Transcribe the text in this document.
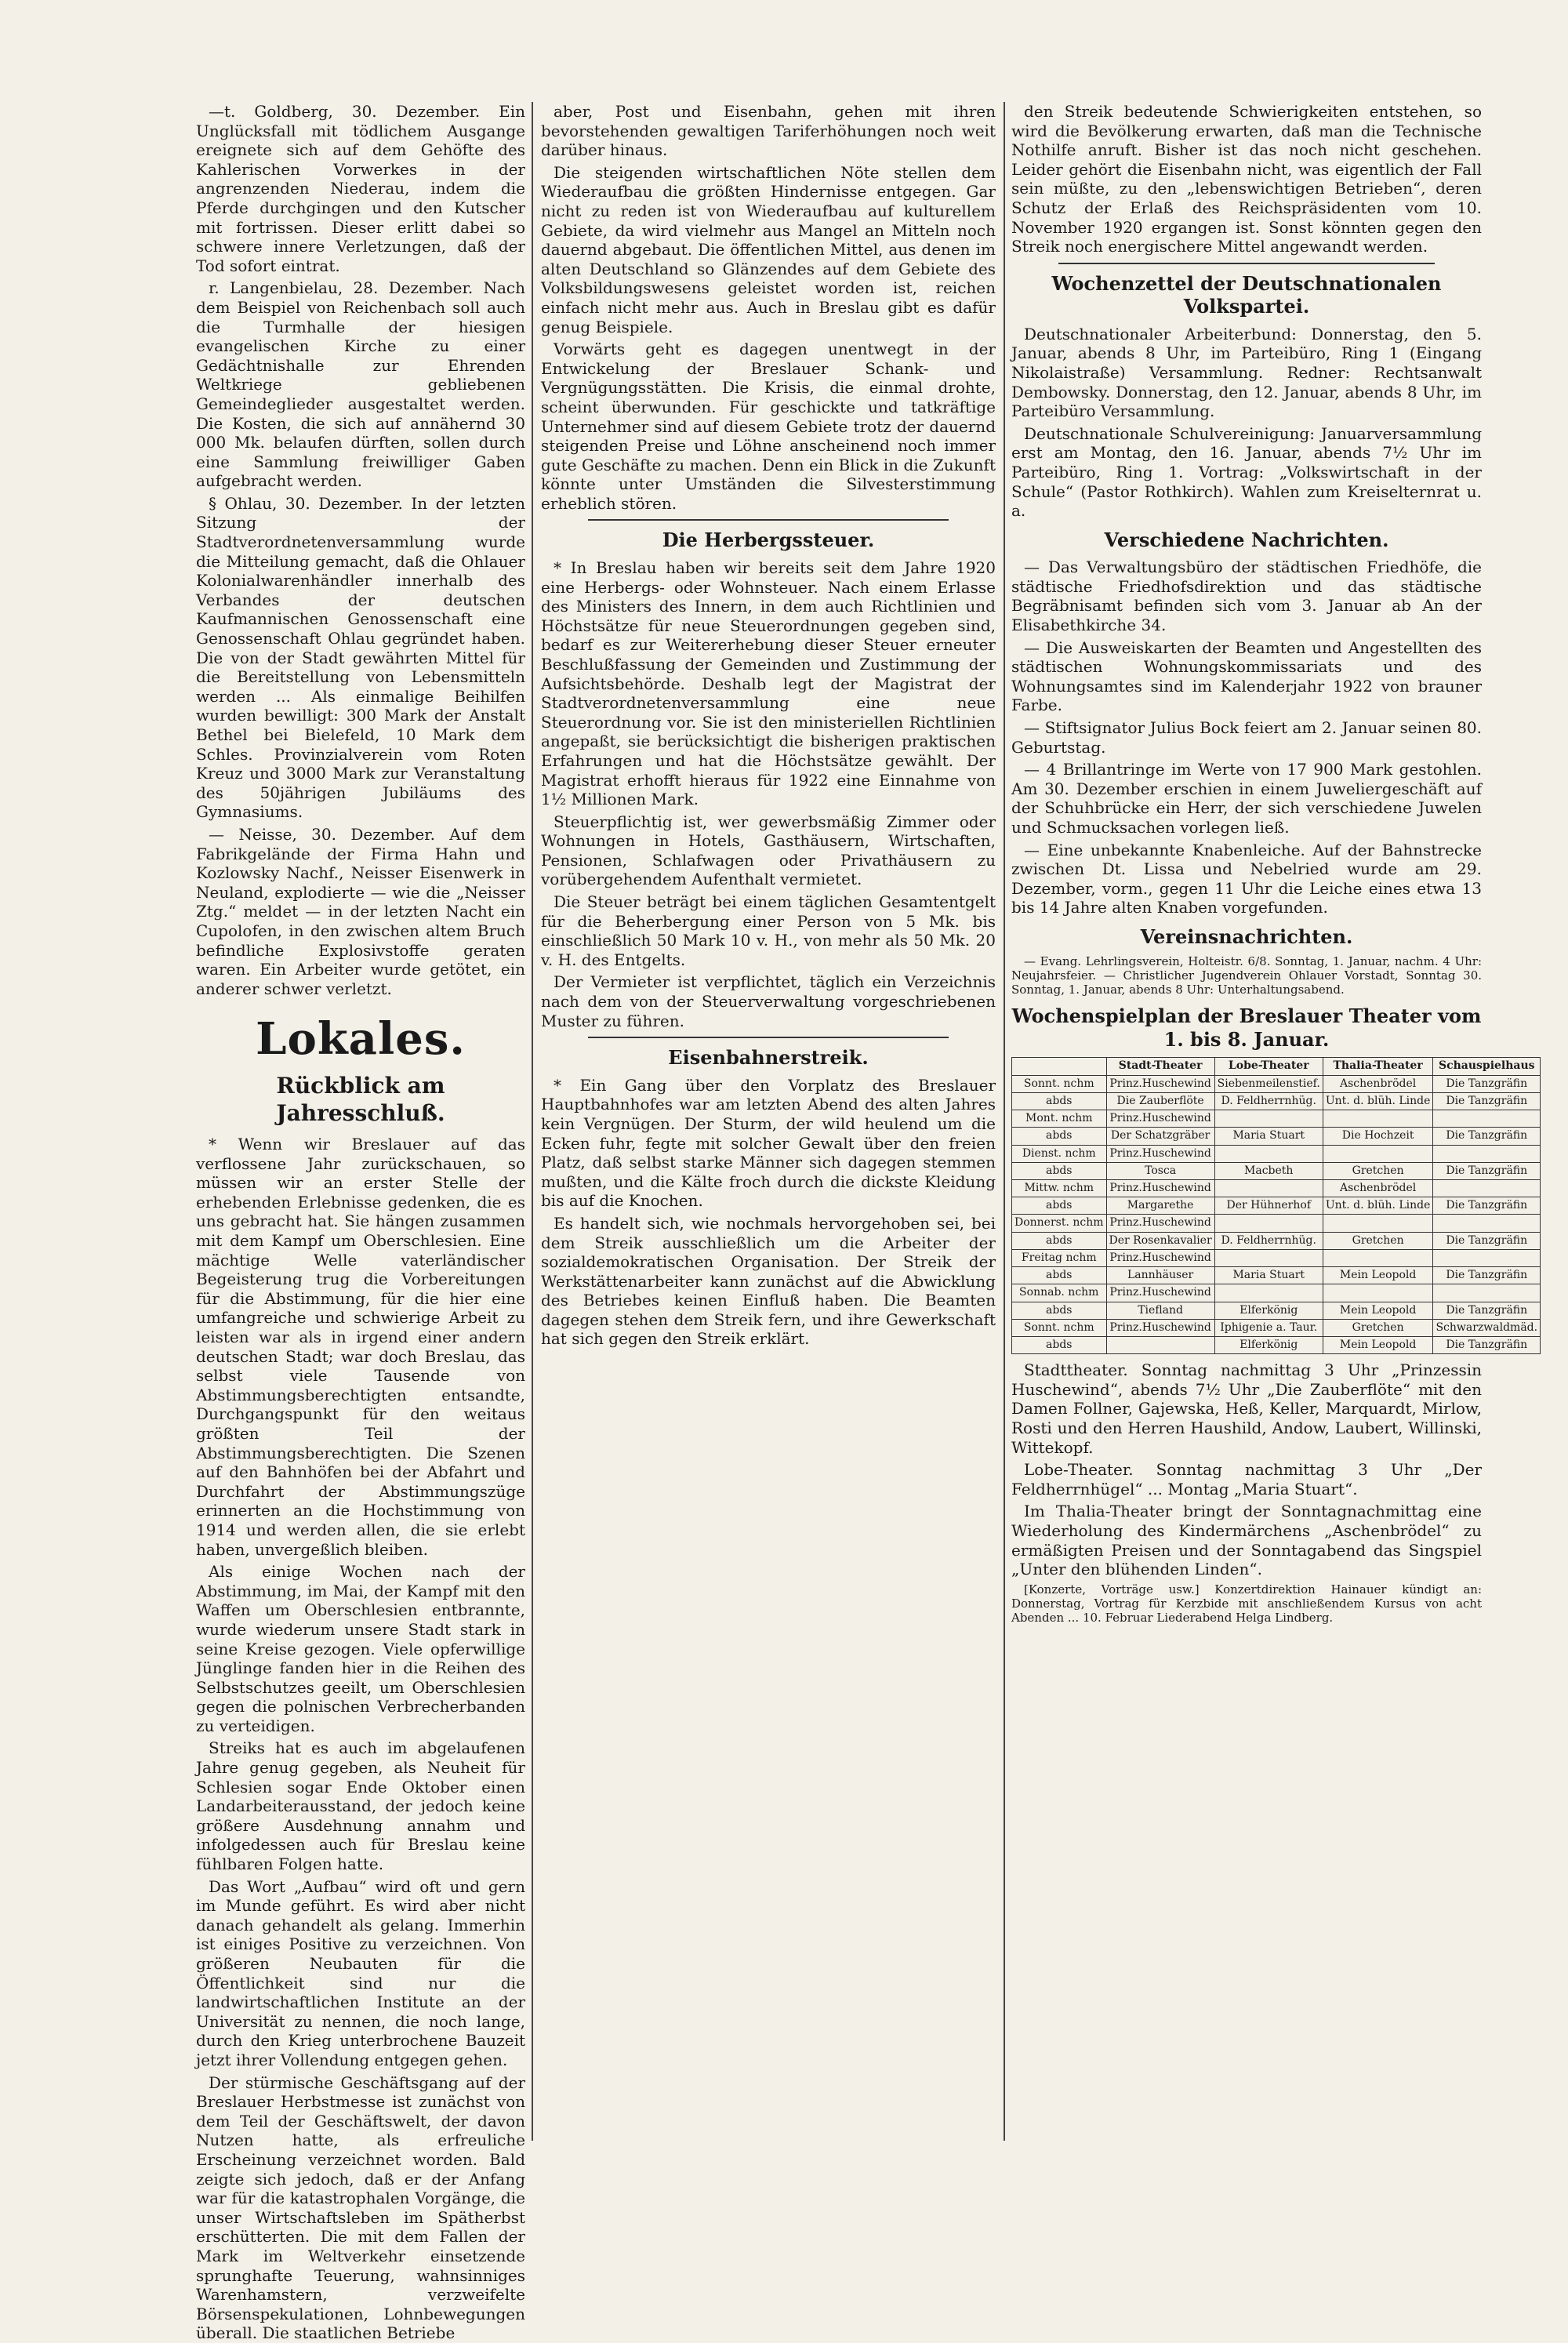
—t. Goldberg, 30. Dezember. Ein Unglücksfall mit tödlichem Ausgange ereignete sich auf dem Gehöfte des Kahlerischen Vorwerkes in der angrenzenden Niederau, indem die Pferde durchgingen und den Kutscher mit fortrissen. Dieser erlitt dabei so schwere innere Verletzungen, daß der Tod sofort eintrat.

r. Langenbielau, 28. Dezember. Nach dem Beispiel von Reichenbach soll auch die Turmhalle der hiesigen evangelischen Kirche zu einer Gedächtnishalle zur Ehrenden Weltkriege gebliebenen Gemeindeglieder ausgestaltet werden. Die Kosten, die sich auf annähernd 30 000 Mk. belaufen dürften, sollen durch eine Sammlung freiwilliger Gaben aufgebracht werden.

§ Ohlau, 30. Dezember. In der letzten Sitzung der Stadtverordnetenversammlung wurde die Mitteilung gemacht, daß die Ohlauer Kolonialwarenhändler innerhalb des Verbandes der deutschen Kaufmannischen Genossenschaft eine Genossenschaft Ohlau gegründet haben. Die von der Stadt gewährten Mittel für die Bereitstellung von Lebensmitteln werden ... Als einmalige Beihilfen wurden bewilligt: 300 Mark der Anstalt Bethel bei Bielefeld, 10 Mark dem Schles. Provinzialverein vom Roten Kreuz und 3000 Mark zur Veranstaltung des 50jährigen Jubiläums des Gymnasiums.

— Neisse, 30. Dezember. Auf dem Fabrikgelände der Firma Hahn und Kozlowsky Nachf., Neisser Eisenwerk in Neuland, explodierte — wie die „Neisser Ztg.“ meldet — in der letzten Nacht ein Cupolofen, in den zwischen altem Bruch befindliche Explosivstoffe geraten waren. Ein Arbeiter wurde getötet, ein anderer schwer verletzt.

Lokales.
Rückblick am Jahresschluß.

* Wenn wir Breslauer auf das verflossene Jahr zurückschauen, so müssen wir an erster Stelle der erhebenden Erlebnisse gedenken, die es uns gebracht hat. Sie hängen zusammen mit dem Kampf um Oberschlesien. Eine mächtige Welle vaterländischer Begeisterung trug die Vorbereitungen für die Abstimmung, für die hier eine umfangreiche und schwierige Arbeit zu leisten war als in irgend einer andern deutschen Stadt; war doch Breslau, das selbst viele Tausende von Abstimmungsberechtigten entsandte, Durchgangspunkt für den weitaus größten Teil der Abstimmungsberechtigten. Die Szenen auf den Bahnhöfen bei der Abfahrt und Durchfahrt der Abstimmungszüge erinnerten an die Hochstimmung von 1914 und werden allen, die sie erlebt haben, unvergeßlich bleiben.

Als einige Wochen nach der Abstimmung, im Mai, der Kampf mit den Waffen um Oberschlesien entbrannte, wurde wiederum unsere Stadt stark in seine Kreise gezogen. Viele opferwillige Jünglinge fanden hier in die Reihen des Selbstschutzes geeilt, um Oberschlesien gegen die polnischen Verbrecherbanden zu verteidigen.

Streiks hat es auch im abgelaufenen Jahre genug gegeben, als Neuheit für Schlesien sogar Ende Oktober einen Landarbeiterausstand, der jedoch keine größere Ausdehnung annahm und infolgedessen auch für Breslau keine fühlbaren Folgen hatte.

Das Wort „Aufbau“ wird oft und gern im Munde geführt. Es wird aber nicht danach gehandelt als gelang. Immerhin ist einiges Positive zu verzeichnen. Von größeren Neubauten für die Öffentlichkeit sind nur die landwirtschaftlichen Institute an der Universität zu nennen, die noch lange, durch den Krieg unterbrochene Bauzeit jetzt ihrer Vollendung entgegen gehen.

Der stürmische Geschäftsgang auf der Breslauer Herbstmesse ist zunächst von dem Teil der Geschäftswelt, der davon Nutzen hatte, als erfreuliche Erscheinung verzeichnet worden. Bald zeigte sich jedoch, daß er der Anfang war für die katastrophalen Vorgänge, die unser Wirtschaftsleben im Spätherbst erschütterten. Die mit dem Fallen der Mark im Weltverkehr einsetzende sprunghafte Teuerung, wahnsinniges Warenhamstern, verzweifelte Börsenspekulationen, Lohnbewegungen überall. Die staatlichen Betriebe

aber, Post und Eisenbahn, gehen mit ihren bevorstehenden gewaltigen Tariferhöhungen noch weit darüber hinaus.

Die steigenden wirtschaftlichen Nöte stellen dem Wiederaufbau die größten Hindernisse entgegen. Gar nicht zu reden ist von Wiederaufbau auf kulturellem Gebiete, da wird vielmehr aus Mangel an Mitteln noch dauernd abgebaut. Die öffentlichen Mittel, aus denen im alten Deutschland so Glänzendes auf dem Gebiete des Volksbildungswesens geleistet worden ist, reichen einfach nicht mehr aus. Auch in Breslau gibt es dafür genug Beispiele.

Vorwärts geht es dagegen unentwegt in der Entwickelung der Breslauer Schank- und Vergnügungsstätten. Die Krisis, die einmal drohte, scheint überwunden. Für geschickte und tatkräftige Unternehmer sind auf diesem Gebiete trotz der dauernd steigenden Preise und Löhne anscheinend noch immer gute Geschäfte zu machen. Denn ein Blick in die Zukunft könnte unter Umständen die Silvesterstimmung erheblich stören.

Die Herbergssteuer.

* In Breslau haben wir bereits seit dem Jahre 1920 eine Herbergs- oder Wohnsteuer. Nach einem Erlasse des Ministers des Innern, in dem auch Richtlinien und Höchstsätze für neue Steuerordnungen gegeben sind, bedarf es zur Weitererhebung dieser Steuer erneuter Beschlußfassung der Gemeinden und Zustimmung der Aufsichtsbehörde. Deshalb legt der Magistrat der Stadtverordnetenversammlung eine neue Steuerordnung vor. Sie ist den ministeriellen Richtlinien angepaßt, sie berücksichtigt die bisherigen praktischen Erfahrungen und hat die Höchstsätze gewählt. Der Magistrat erhofft hieraus für 1922 eine Einnahme von 1½ Millionen Mark.

Steuerpflichtig ist, wer gewerbsmäßig Zimmer oder Wohnungen in Hotels, Gasthäusern, Wirtschaften, Pensionen, Schlafwagen oder Privathäusern zu vorübergehendem Aufenthalt vermietet.

Die Steuer beträgt bei einem täglichen Gesamtentgelt für die Beherbergung einer Person von 5 Mk. bis einschließlich 50 Mark 10 v. H., von mehr als 50 Mk. 20 v. H. des Entgelts.

Der Vermieter ist verpflichtet, täglich ein Verzeichnis nach dem von der Steuerverwaltung vorgeschriebenen Muster zu führen.

Eisenbahnerstreik.

* Ein Gang über den Vorplatz des Breslauer Hauptbahnhofes war am letzten Abend des alten Jahres kein Vergnügen. Der Sturm, der wild heulend um die Ecken fuhr, fegte mit solcher Gewalt über den freien Platz, daß selbst starke Männer sich dagegen stemmen mußten, und die Kälte froch durch die dickste Kleidung bis auf die Knochen.

Es handelt sich, wie nochmals hervorgehoben sei, bei dem Streik ausschließlich um die Arbeiter der sozialdemokratischen Organisation. Der Streik der Werkstättenarbeiter kann zunächst auf die Abwicklung des Betriebes keinen Einfluß haben. Die Beamten dagegen stehen dem Streik fern, und ihre Gewerkschaft hat sich gegen den Streik erklärt.

den Streik bedeutende Schwierigkeiten entstehen, so wird die Bevölkerung erwarten, daß man die Technische Nothilfe anruft. Bisher ist das noch nicht geschehen. Leider gehört die Eisenbahn nicht, was eigentlich der Fall sein müßte, zu den „lebenswichtigen Betrieben“, deren Schutz der Erlaß des Reichspräsidenten vom 10. November 1920 ergangen ist. Sonst könnten gegen den Streik noch energischere Mittel angewandt werden.

Wochenzettel der Deutschnationalen Volkspartei.

Deutschnationaler Arbeiterbund: Donnerstag, den 5. Januar, abends 8 Uhr, im Parteibüro, Ring 1 (Eingang Nikolaistraße) Versammlung. Redner: Rechtsanwalt Dembowsky. Donnerstag, den 12. Januar, abends 8 Uhr, im Parteibüro Versammlung.

Deutschnationale Schulvereinigung: Januarversammlung erst am Montag, den 16. Januar, abends 7½ Uhr im Parteibüro, Ring 1. Vortrag: „Volkswirtschaft in der Schule“ (Pastor Rothkirch). Wahlen zum Kreiselternrat u. a.

Verschiedene Nachrichten.

— Das Verwaltungsbüro der städtischen Friedhöfe, die städtische Friedhofsdirektion und das städtische Begräbnisamt befinden sich vom 3. Januar ab An der Elisabethkirche 34.

— Die Ausweiskarten der Beamten und Angestellten des städtischen Wohnungskommissariats und des Wohnungsamtes sind im Kalenderjahr 1922 von brauner Farbe.

— Stiftsignator Julius Bock feiert am 2. Januar seinen 80. Geburtstag.

— 4 Brillantringe im Werte von 17 900 Mark gestohlen. Am 30. Dezember erschien in einem Juweliergeschäft auf der Schuhbrücke ein Herr, der sich verschiedene Juwelen und Schmucksachen vorlegen ließ.

— Eine unbekannte Knabenleiche. Auf der Bahnstrecke zwischen Dt. Lissa und Nebelried wurde am 29. Dezember, vorm., gegen 11 Uhr die Leiche eines etwa 13 bis 14 Jahre alten Knaben vorgefunden.

Vereinsnachrichten.

— Evang. Lehrlingsverein, Holteistr. 6/8. Sonntag, 1. Januar, nachm. 4 Uhr: Neujahrsfeier. — Christlicher Jugendverein Ohlauer Vorstadt, Sonntag 30. Sonntag, 1. Januar, abends 8 Uhr: Unterhaltungsabend.

Wochenspielplan der Breslauer Theater vom 1. bis 8. Januar.
	Stadt-Theater	Lobe-Theater	Thalia-Theater	Schauspielhaus
Sonnt. nchm	Prinz.Huschewind	Siebenmeilenstief.	Aschenbrödel	Die Tanzgräfin
abds	Die Zauberflöte	D. Feldherrnhüg.	Unt. d. blüh. Linde	Die Tanzgräfin
Mont. nchm	Prinz.Huschewind			
abds	Der Schatzgräber	Maria Stuart	Die Hochzeit	Die Tanzgräfin
Dienst. nchm	Prinz.Huschewind			
abds	Tosca	Macbeth	Gretchen	Die Tanzgräfin
Mittw. nchm	Prinz.Huschewind		Aschenbrödel	
abds	Margarethe	Der Hühnerhof	Unt. d. blüh. Linde	Die Tanzgräfin
Donnerst. nchm	Prinz.Huschewind			
abds	Der Rosenkavalier	D. Feldherrnhüg.	Gretchen	Die Tanzgräfin
Freitag nchm	Prinz.Huschewind			
abds	Lannhäuser	Maria Stuart	Mein Leopold	Die Tanzgräfin
Sonnab. nchm	Prinz.Huschewind			
abds	Tiefland	Elferkönig	Mein Leopold	Die Tanzgräfin
Sonnt. nchm	Prinz.Huschewind	Iphigenie a. Taur.	Gretchen	Schwarzwaldmäd.
abds		Elferkönig	Mein Leopold	Die Tanzgräfin

Stadttheater. Sonntag nachmittag 3 Uhr „Prinzessin Huschewind“, abends 7½ Uhr „Die Zauberflöte“ mit den Damen Follner, Gajewska, Heß, Keller, Marquardt, Mirlow, Rosti und den Herren Haushild, Andow, Laubert, Willinski, Wittekopf.

Lobe-Theater. Sonntag nachmittag 3 Uhr „Der Feldherrnhügel“ ... Montag „Maria Stuart“.

Im Thalia-Theater bringt der Sonntagnachmittag eine Wiederholung des Kindermärchens „Aschenbrödel“ zu ermäßigten Preisen und der Sonntagabend das Singspiel „Unter den blühenden Linden“.

[Konzerte, Vorträge usw.] Konzertdirektion Hainauer kündigt an: Donnerstag, Vortrag für Kerzbide mit anschließendem Kursus von acht Abenden ... 10. Februar Liederabend Helga Lindberg.
